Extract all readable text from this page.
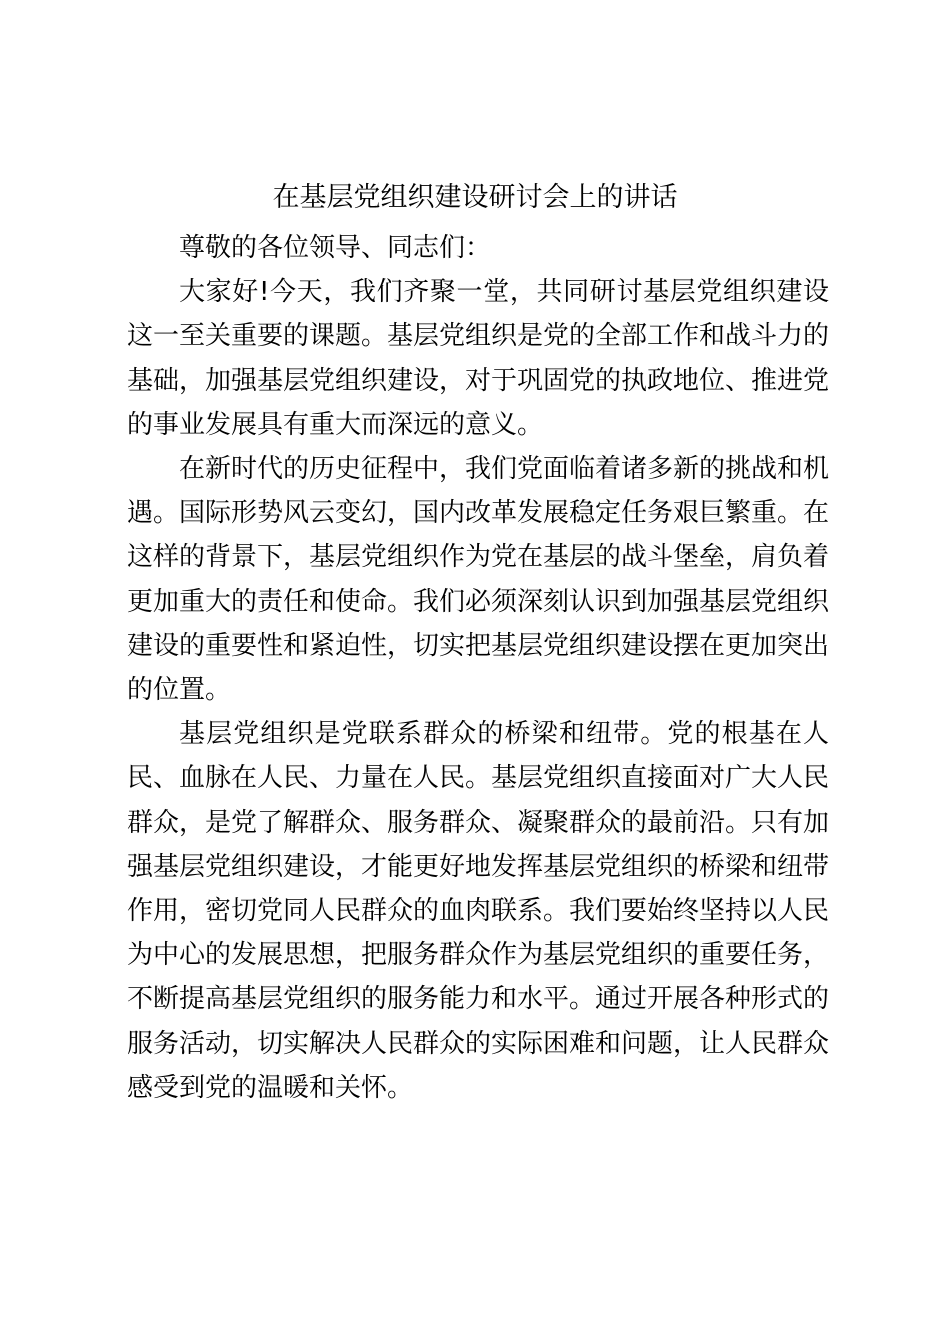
在基层党组织建设研讨会上的讲话

尊敬的各位领导、同志们：

大家好!今天，我们齐聚一堂，共同研讨基层党组织建设这一至关重要的课题。基层党组织是党的全部工作和战斗力的基础，加强基层党组织建设，对于巩固党的执政地位、推进党的事业发展具有重大而深远的意义。

在新时代的历史征程中，我们党面临着诸多新的挑战和机遇。国际形势风云变幻，国内改革发展稳定任务艰巨繁重。在这样的背景下，基层党组织作为党在基层的战斗堡垒，肩负着更加重大的责任和使命。我们必须深刻认识到加强基层党组织建设的重要性和紧迫性，切实把基层党组织建设摆在更加突出的位置。

基层党组织是党联系群众的桥梁和纽带。党的根基在人民、血脉在人民、力量在人民。基层党组织直接面对广大人民群众，是党了解群众、服务群众、凝聚群众的最前沿。只有加强基层党组织建设，才能更好地发挥基层党组织的桥梁和纽带作用，密切党同人民群众的血肉联系。我们要始终坚持以人民为中心的发展思想，把服务群众作为基层党组织的重要任务，不断提高基层党组织的服务能力和水平。通过开展各种形式的服务活动，切实解决人民群众的实际困难和问题，让人民群众感受到党的温暖和关怀。
